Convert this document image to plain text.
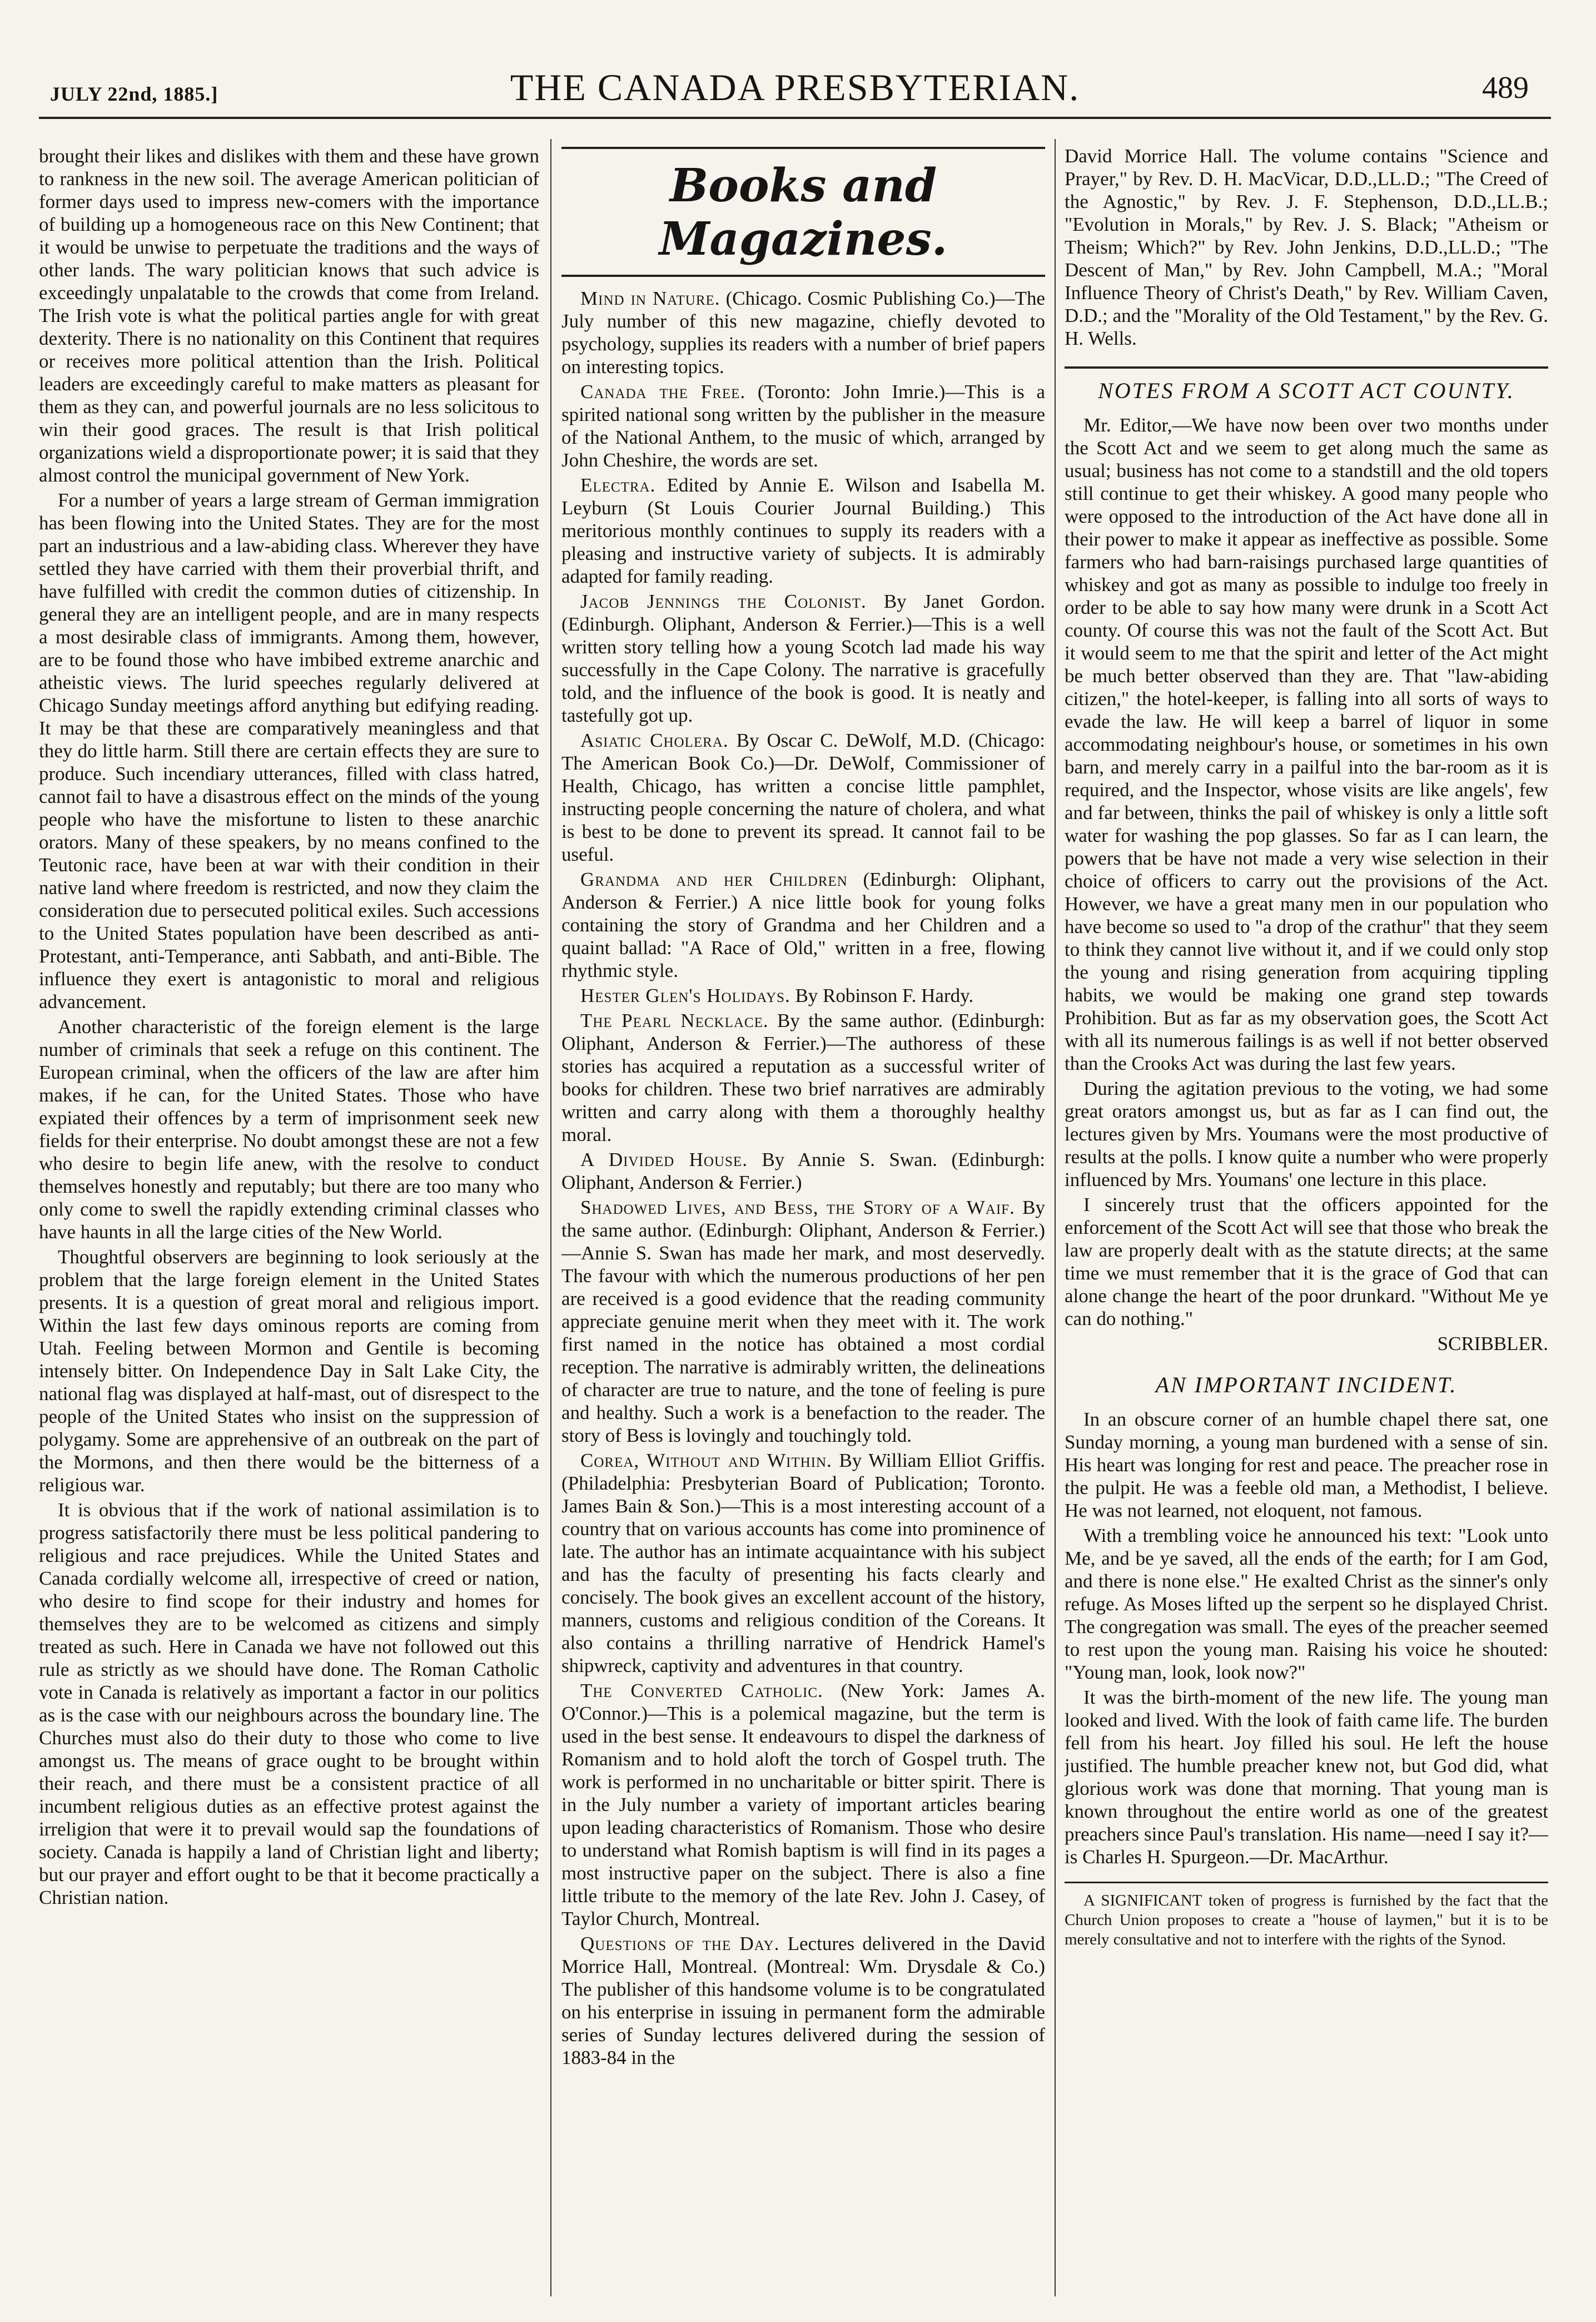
JULY 22nd, 1885.]	THE CANADA PRESBYTERIAN.	489

brought their likes and dislikes with them and these have grown to rankness in the new soil. The average American politician of former days used to impress new-comers with the importance of building up a homogeneous race on this New Continent; that it would be unwise to perpetuate the traditions and the ways of other lands. The wary politician knows that such advice is exceedingly unpalatable to the crowds that come from Ireland. The Irish vote is what the political parties angle for with great dexterity. There is no nationality on this Continent that requires or receives more political attention than the Irish. Political leaders are exceedingly careful to make matters as pleasant for them as they can, and powerful journals are no less solicitous to win their good graces. The result is that Irish political organizations wield a disproportionate power; it is said that they almost control the municipal government of New York.

For a number of years a large stream of German immigration has been flowing into the United States. They are for the most part an industrious and a law-abiding class. Wherever they have settled they have carried with them their proverbial thrift, and have fulfilled with credit the common duties of citizenship. In general they are an intelligent people, and are in many respects a most desirable class of immigrants. Among them, however, are to be found those who have imbibed extreme anarchic and atheistic views. The lurid speeches regularly delivered at Chicago Sunday meetings afford anything but edifying reading. It may be that these are comparatively meaningless and that they do little harm. Still there are certain effects they are sure to produce. Such incendiary utterances, filled with class hatred, cannot fail to have a disastrous effect on the minds of the young people who have the misfortune to listen to these anarchic orators. Many of these speakers, by no means confined to the Teutonic race, have been at war with their condition in their native land where freedom is restricted, and now they claim the consideration due to persecuted political exiles. Such accessions to the United States population have been described as anti-Protestant, anti-Temperance, anti Sabbath, and anti-Bible. The influence they exert is antagonistic to moral and religious advancement.

Another characteristic of the foreign element is the large number of criminals that seek a refuge on this continent. The European criminal, when the officers of the law are after him makes, if he can, for the United States. Those who have expiated their offences by a term of imprisonment seek new fields for their enterprise. No doubt amongst these are not a few who desire to begin life anew, with the resolve to conduct themselves honestly and reputably; but there are too many who only come to swell the rapidly extending criminal classes who have haunts in all the large cities of the New World.

Thoughtful observers are beginning to look seriously at the problem that the large foreign element in the United States presents. It is a question of great moral and religious import. Within the last few days ominous reports are coming from Utah. Feeling between Mormon and Gentile is becoming intensely bitter. On Independence Day in Salt Lake City, the national flag was displayed at half-mast, out of disrespect to the people of the United States who insist on the suppression of polygamy. Some are apprehensive of an outbreak on the part of the Mormons, and then there would be the bitterness of a religious war.

It is obvious that if the work of national assimilation is to progress satisfactorily there must be less political pandering to religious and race prejudices. While the United States and Canada cordially welcome all, irrespective of creed or nation, who desire to find scope for their industry and homes for themselves they are to be welcomed as citizens and simply treated as such. Here in Canada we have not followed out this rule as strictly as we should have done. The Roman Catholic vote in Canada is relatively as important a factor in our politics as is the case with our neighbours across the boundary line. The Churches must also do their duty to those who come to live amongst us. The means of grace ought to be brought within their reach, and there must be a consistent practice of all incumbent religious duties as an effective protest against the irreligion that were it to prevail would sap the foundations of society. Canada is happily a land of Christian light and liberty; but our prayer and effort ought to be that it become practically a Christian nation.

Books and Magazines.

Mind in Nature. (Chicago. Cosmic Publishing Co.)—The July number of this new magazine, chiefly devoted to psychology, supplies its readers with a number of brief papers on interesting topics.

Canada the Free. (Toronto: John Imrie.)—This is a spirited national song written by the publisher in the measure of the National Anthem, to the music of which, arranged by John Cheshire, the words are set.

Electra. Edited by Annie E. Wilson and Isabella M. Leyburn (St Louis Courier Journal Building.) This meritorious monthly continues to supply its readers with a pleasing and instructive variety of subjects. It is admirably adapted for family reading.

Jacob Jennings the Colonist. By Janet Gordon. (Edinburgh. Oliphant, Anderson & Ferrier.)—This is a well written story telling how a young Scotch lad made his way successfully in the Cape Colony. The narrative is gracefully told, and the influence of the book is good. It is neatly and tastefully got up.

Asiatic Cholera. By Oscar C. DeWolf, M.D. (Chicago: The American Book Co.)—Dr. DeWolf, Commissioner of Health, Chicago, has written a concise little pamphlet, instructing people concerning the nature of cholera, and what is best to be done to prevent its spread. It cannot fail to be useful.

Grandma and her Children (Edinburgh: Oliphant, Anderson & Ferrier.) A nice little book for young folks containing the story of Grandma and her Children and a quaint ballad: "A Race of Old," written in a free, flowing rhythmic style.

Hester Glen's Holidays. By Robinson F. Hardy.

The Pearl Necklace. By the same author. (Edinburgh: Oliphant, Anderson & Ferrier.)—The authoress of these stories has acquired a reputation as a successful writer of books for children. These two brief narratives are admirably written and carry along with them a thoroughly healthy moral.

A Divided House. By Annie S. Swan. (Edinburgh: Oliphant, Anderson & Ferrier.)

Shadowed Lives, and Bess, the Story of a Waif. By the same author. (Edinburgh: Oliphant, Anderson & Ferrier.)—Annie S. Swan has made her mark, and most deservedly. The favour with which the numerous productions of her pen are received is a good evidence that the reading community appreciate genuine merit when they meet with it. The work first named in the notice has obtained a most cordial reception. The narrative is admirably written, the delineations of character are true to nature, and the tone of feeling is pure and healthy. Such a work is a benefaction to the reader. The story of Bess is lovingly and touchingly told.

Corea, Without and Within. By William Elliot Griffis. (Philadelphia: Presbyterian Board of Publication; Toronto. James Bain & Son.)—This is a most interesting account of a country that on various accounts has come into prominence of late. The author has an intimate acquaintance with his subject and has the faculty of presenting his facts clearly and concisely. The book gives an excellent account of the history, manners, customs and religious condition of the Coreans. It also contains a thrilling narrative of Hendrick Hamel's shipwreck, captivity and adventures in that country.

The Converted Catholic. (New York: James A. O'Connor.)—This is a polemical magazine, but the term is used in the best sense. It endeavours to dispel the darkness of Romanism and to hold aloft the torch of Gospel truth. The work is performed in no uncharitable or bitter spirit. There is in the July number a variety of important articles bearing upon leading characteristics of Romanism. Those who desire to understand what Romish baptism is will find in its pages a most instructive paper on the subject. There is also a fine little tribute to the memory of the late Rev. John J. Casey, of Taylor Church, Montreal.

Questions of the Day. Lectures delivered in the David Morrice Hall, Montreal. (Montreal: Wm. Drysdale & Co.) The publisher of this handsome volume is to be congratulated on his enterprise in issuing in permanent form the admirable series of Sunday lectures delivered during the session of 1883-84 in the

David Morrice Hall. The volume contains "Science and Prayer," by Rev. D. H. MacVicar, D.D.,LL.D.; "The Creed of the Agnostic," by Rev. J. F. Stephenson, D.D.,LL.B.; "Evolution in Morals," by Rev. J. S. Black; "Atheism or Theism; Which?" by Rev. John Jenkins, D.D.,LL.D.; "The Descent of Man," by Rev. John Campbell, M.A.; "Moral Influence Theory of Christ's Death," by Rev. William Caven, D.D.; and the "Morality of the Old Testament," by the Rev. G. H. Wells.

NOTES FROM A SCOTT ACT COUNTY.

Mr. Editor,—We have now been over two months under the Scott Act and we seem to get along much the same as usual; business has not come to a standstill and the old topers still continue to get their whiskey. A good many people who were opposed to the introduction of the Act have done all in their power to make it appear as ineffective as possible. Some farmers who had barn-raisings purchased large quantities of whiskey and got as many as possible to indulge too freely in order to be able to say how many were drunk in a Scott Act county. Of course this was not the fault of the Scott Act. But it would seem to me that the spirit and letter of the Act might be much better observed than they are. That "law-abiding citizen," the hotel-keeper, is falling into all sorts of ways to evade the law. He will keep a barrel of liquor in some accommodating neighbour's house, or sometimes in his own barn, and merely carry in a pailful into the bar-room as it is required, and the Inspector, whose visits are like angels', few and far between, thinks the pail of whiskey is only a little soft water for washing the pop glasses. So far as I can learn, the powers that be have not made a very wise selection in their choice of officers to carry out the provisions of the Act. However, we have a great many men in our population who have become so used to "a drop of the crathur" that they seem to think they cannot live without it, and if we could only stop the young and rising generation from acquiring tippling habits, we would be making one grand step towards Prohibition. But as far as my observation goes, the Scott Act with all its numerous failings is as well if not better observed than the Crooks Act was during the last few years.

During the agitation previous to the voting, we had some great orators amongst us, but as far as I can find out, the lectures given by Mrs. Youmans were the most productive of results at the polls. I know quite a number who were properly influenced by Mrs. Youmans' one lecture in this place.

I sincerely trust that the officers appointed for the enforcement of the Scott Act will see that those who break the law are properly dealt with as the statute directs; at the same time we must remember that it is the grace of God that can alone change the heart of the poor drunkard. "Without Me ye can do nothing."

SCRIBBLER.

AN IMPORTANT INCIDENT.

In an obscure corner of an humble chapel there sat, one Sunday morning, a young man burdened with a sense of sin. His heart was longing for rest and peace. The preacher rose in the pulpit. He was a feeble old man, a Methodist, I believe. He was not learned, not eloquent, not famous.

With a trembling voice he announced his text: "Look unto Me, and be ye saved, all the ends of the earth; for I am God, and there is none else." He exalted Christ as the sinner's only refuge. As Moses lifted up the serpent so he displayed Christ. The congregation was small. The eyes of the preacher seemed to rest upon the young man. Raising his voice he shouted: "Young man, look, look now?"

It was the birth-moment of the new life. The young man looked and lived. With the look of faith came life. The burden fell from his heart. Joy filled his soul. He left the house justified. The humble preacher knew not, but God did, what glorious work was done that morning. That young man is known throughout the entire world as one of the greatest preachers since Paul's translation. His name—need I say it?—is Charles H. Spurgeon.—Dr. MacArthur.

A SIGNIFICANT token of progress is furnished by the fact that the Church Union proposes to create a "house of laymen," but it is to be merely consultative and not to interfere with the rights of the Synod.
